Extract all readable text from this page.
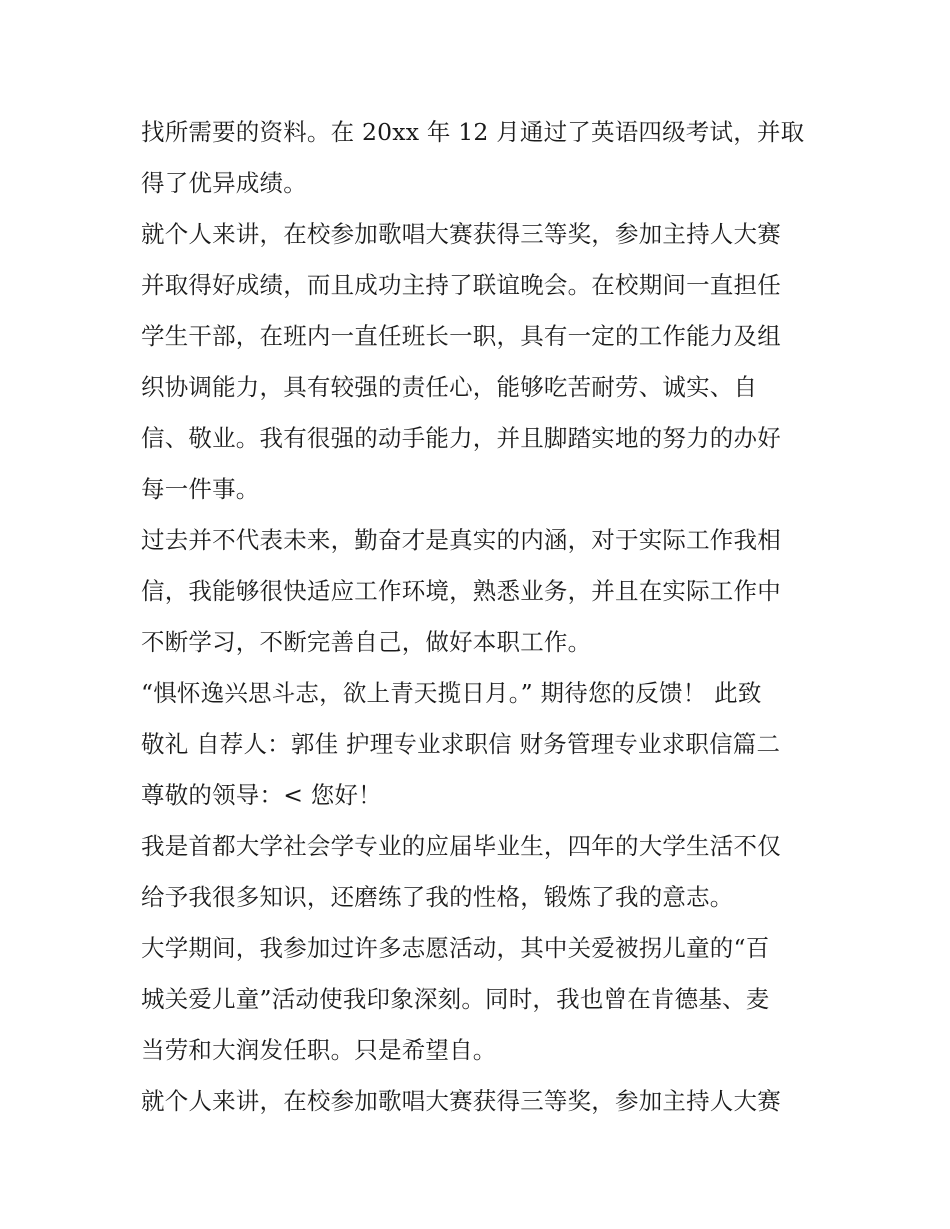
找所需要的资料。在 20xx 年 12 月通过了英语四级考试，并取
得了优异成绩。
就个人来讲，在校参加歌唱大赛获得三等奖，参加主持人大赛
并取得好成绩，而且成功主持了联谊晚会。在校期间一直担任
学生干部，在班内一直任班长一职，具有一定的工作能力及组
织协调能力，具有较强的责任心，能够吃苦耐劳、诚实、自
信、敬业。我有很强的动手能力，并且脚踏实地的努力的办好
每一件事。
过去并不代表未来，勤奋才是真实的内涵，对于实际工作我相
信，我能够很快适应工作环境，熟悉业务，并且在实际工作中
不断学习，不断完善自己，做好本职工作。
“惧怀逸兴思斗志，欲上青天揽日月。” 期待您的反馈！ 此致
敬礼 自荐人：郭佳 护理专业求职信 财务管理专业求职信篇二
尊敬的领导：< 您好！
我是首都大学社会学专业的应届毕业生，四年的大学生活不仅
给予我很多知识，还磨练了我的性格，锻炼了我的意志。
大学期间，我参加过许多志愿活动，其中关爱被拐儿童的“百
城关爱儿童”活动使我印象深刻。同时，我也曾在肯德基、麦
当劳和大润发任职。只是希望自。
就个人来讲，在校参加歌唱大赛获得三等奖，参加主持人大赛
